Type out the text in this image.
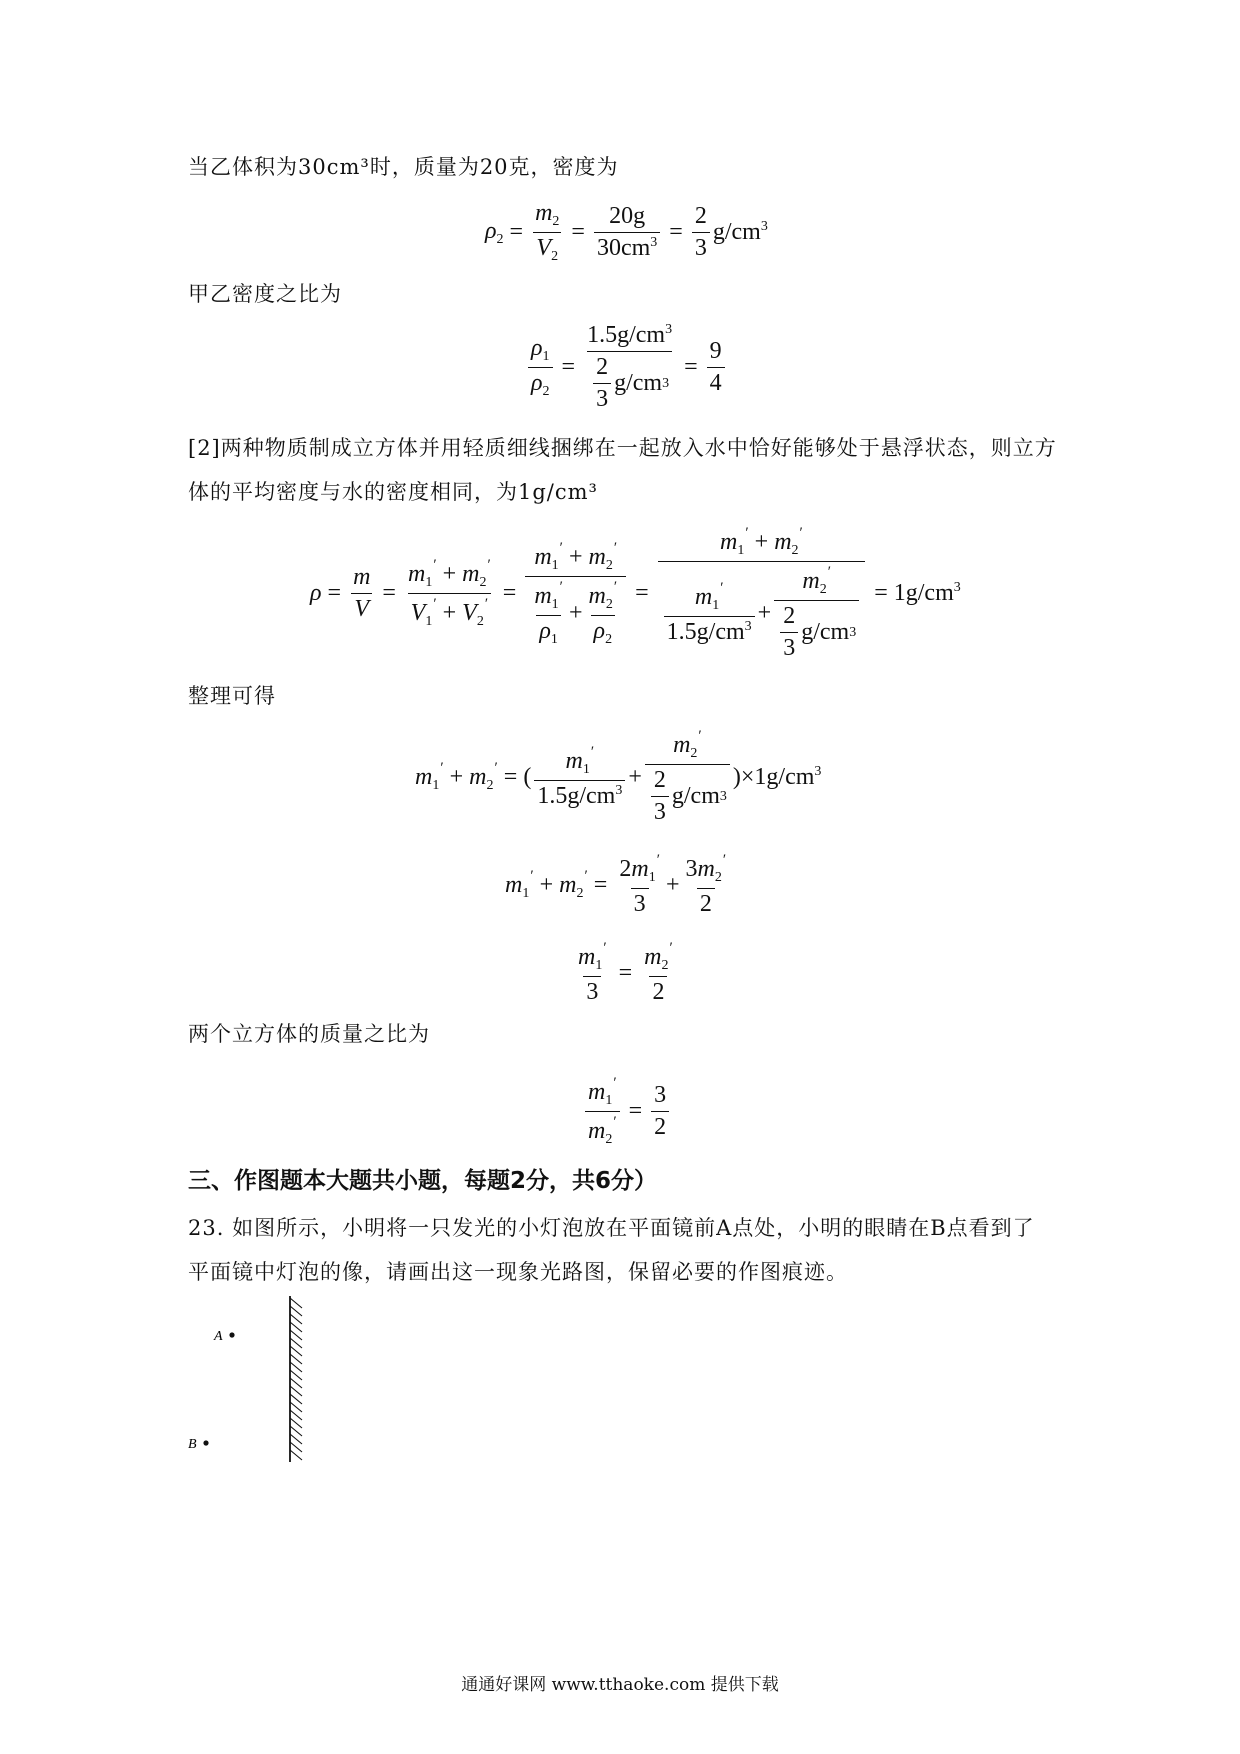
当乙体积为30cm³时，质量为20克，密度为
$\rho_2 = \frac{m_2}{V_2} = \frac{20g}{30cm^3} = \frac{2}{3} g/cm^3$
甲乙密度之比为
$\frac{\rho_1}{\rho_2} = \frac{1.5g/cm^3}{\frac{2}{3} g/cm 3} = \frac{9}{4}$
[2]两种物质制成立方体并用轻质细线捆绑在一起放入水中恰好能够处于悬浮状态，则立方
体的平均密度与水的密度相同，为1g/cm³
$\rho = \frac{m}{V} = \frac{m_1' + m_2'}{V_1' + V_2'} = \frac{m_1' + m_2'}{\frac{m_1'}{\rho_1} + \frac{m_2'}{\rho_2}} = \frac{m_1' + m_2'}{\frac{m_1'}{1.5g/cm^3} + \frac{m_2'}{\frac{2}{3} g/cm 3}} = 1g/cm^3$
整理可得
$m_1' + m_2'$ = ( $\frac{m_1'}{1.5g/cm^3} + \frac{m_2'}{\frac{2}{3} g/cm 3} )\times 1g/cm^3$
$m_1' + m_2' = \frac{2m_1'}{3} + \frac{3m_2'}{2}$
$\frac{m_1'}{3} = \frac{m_2'}{2}$
两个立方体的质量之比为
$\frac{m_1'}{m_2'} = \frac{3}{2}$
三、作图题本大题共小题，每题2分，共6分）
23. 如图所示，小明将一只发光的小灯泡放在平面镜前A点处，小明的眼睛在B点看到了
平面镜中灯泡的像，请画出这一现象光路图，保留必要的作图痕迹。
A
B
通通好课网 www.tthaoke.com 提供下载
